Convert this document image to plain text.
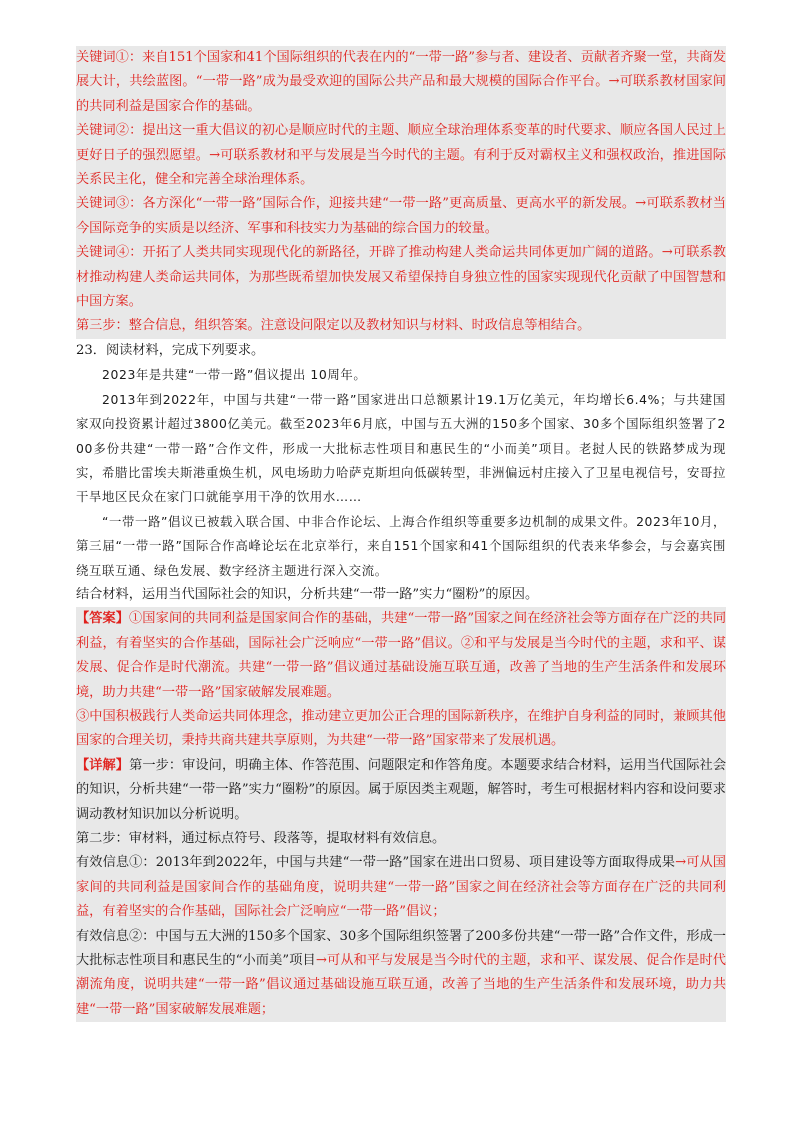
关键词①：来自151个国家和41个国际组织的代表在内的“一带一路”参与者、建设者、贡献者齐聚一堂，共商发展大计，共绘蓝图。“一带一路”成为最受欢迎的国际公共产品和最大规模的国际合作平台。→可联系教材国家间的共同利益是国家合作的基础。

关键词②：提出这一重大倡议的初心是顺应时代的主题、顺应全球治理体系变革的时代要求、顺应各国人民过上更好日子的强烈愿望。→可联系教材和平与发展是当今时代的主题。有利于反对霸权主义和强权政治，推进国际关系民主化，健全和完善全球治理体系。

关键词③：各方深化“一带一路”国际合作，迎接共建“一带一路”更高质量、更高水平的新发展。→可联系教材当今国际竞争的实质是以经济、军事和科技实力为基础的综合国力的较量。

关键词④：开拓了人类共同实现现代化的新路径，开辟了推动构建人类命运共同体更加广阔的道路。→可联系教材推动构建人类命运共同体，为那些既希望加快发展又希望保持自身独立性的国家实现现代化贡献了中国智慧和中国方案。

第三步：整合信息，组织答案。注意设问限定以及教材知识与材料、时政信息等相结合。

23．阅读材料，完成下列要求。

2023年是共建“一带一路”倡议提出 10周年。

2013年到2022年，中国与共建“一带一路”国家进出口总额累计19.1万亿美元，年均增长6.4%；与共建国家双向投资累计超过3800亿美元。截至2023年6月底，中国与五大洲的150多个国家、30多个国际组织签署了200多份共建“一带一路”合作文件，形成一大批标志性项目和惠民生的“小而美”项目。老挝人民的铁路梦成为现实，希腊比雷埃夫斯港重焕生机，风电场助力哈萨克斯坦向低碳转型，非洲偏远村庄接入了卫星电视信号，安哥拉干旱地区民众在家门口就能享用干净的饮用水……

“一带一路”倡议已被载入联合国、中非合作论坛、上海合作组织等重要多边机制的成果文件。2023年10月，第三届“一带一路”国际合作高峰论坛在北京举行，来自151个国家和41个国际组织的代表来华参会，与会嘉宾围绕互联互通、绿色发展、数字经济主题进行深入交流。

结合材料，运用当代国际社会的知识，分析共建“一带一路”实力“圈粉”的原因。

【答案】①国家间的共同利益是国家间合作的基础，共建“一带一路”国家之间在经济社会等方面存在广泛的共同利益，有着坚实的合作基础，国际社会广泛响应“一带一路”倡议。②和平与发展是当今时代的主题，求和平、谋发展、促合作是时代潮流。共建“一带一路”倡议通过基础设施互联互通，改善了当地的生产生活条件和发展环境，助力共建“一带一路”国家破解发展难题。

③中国积极践行人类命运共同体理念，推动建立更加公正合理的国际新秩序，在维护自身利益的同时，兼顾其他国家的合理关切，秉持共商共建共享原则，为共建“一带一路”国家带来了发展机遇。

【详解】第一步：审设问，明确主体、作答范围、问题限定和作答角度。本题要求结合材料，运用当代国际社会的知识，分析共建“一带一路”实力“圈粉”的原因。属于原因类主观题，解答时，考生可根据材料内容和设问要求调动教材知识加以分析说明。

第二步：审材料，通过标点符号、段落等，提取材料有效信息。

有效信息①：2013年到2022年，中国与共建“一带一路”国家在进出口贸易、项目建设等方面取得成果→可从国家间的共同利益是国家间合作的基础角度，说明共建“一带一路”国家之间在经济社会等方面存在广泛的共同利益，有着坚实的合作基础，国际社会广泛响应“一带一路”倡议；

有效信息②：中国与五大洲的150多个国家、30多个国际组织签署了200多份共建“一带一路”合作文件，形成一大批标志性项目和惠民生的“小而美”项目→可从和平与发展是当今时代的主题，求和平、谋发展、促合作是时代潮流角度，说明共建“一带一路”倡议通过基础设施互联互通，改善了当地的生产生活条件和发展环境，助力共建“一带一路”国家破解发展难题；
